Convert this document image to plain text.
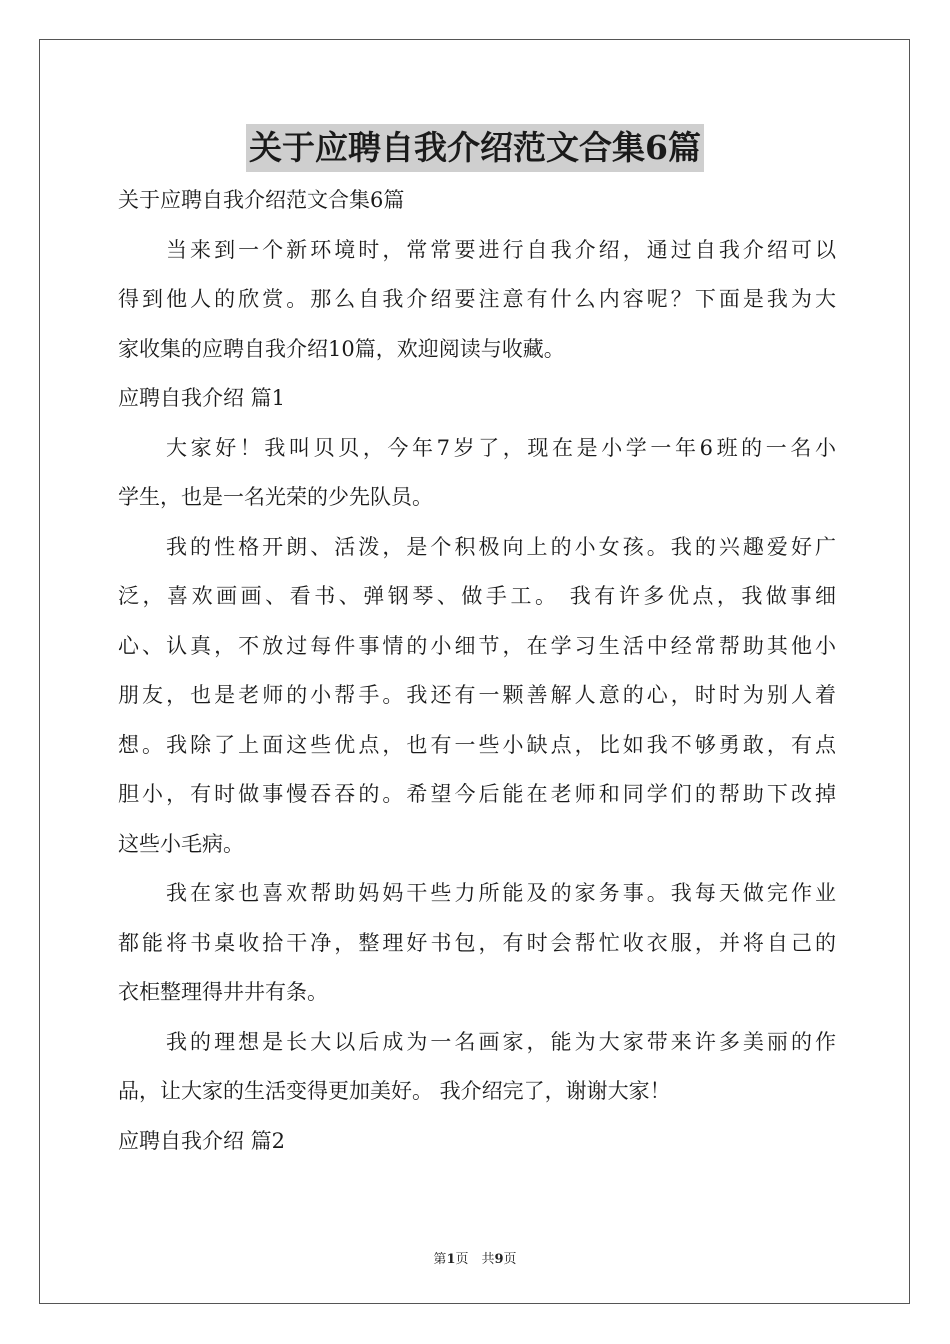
关于应聘自我介绍范文合集6篇
关于应聘自我介绍范文合集6篇
当来到一个新环境时，常常要进行自我介绍，通过自我介绍可以
得到他人的欣赏。那么自我介绍要注意有什么内容呢？下面是我为大
家收集的应聘自我介绍10篇，欢迎阅读与收藏。
应聘自我介绍 篇1
大家好！我叫贝贝，今年7岁了，现在是小学一年6班的一名小
学生，也是一名光荣的少先队员。
我的性格开朗、活泼，是个积极向上的小女孩。我的兴趣爱好广
泛，喜欢画画、看书、弹钢琴、做手工。 我有许多优点，我做事细
心、认真，不放过每件事情的小细节，在学习生活中经常帮助其他小
朋友，也是老师的小帮手。我还有一颗善解人意的心，时时为别人着
想。我除了上面这些优点，也有一些小缺点，比如我不够勇敢，有点
胆小，有时做事慢吞吞的。希望今后能在老师和同学们的帮助下改掉
这些小毛病。
我在家也喜欢帮助妈妈干些力所能及的家务事。我每天做完作业
都能将书桌收拾干净，整理好书包，有时会帮忙收衣服，并将自己的
衣柜整理得井井有条。
我的理想是长大以后成为一名画家，能为大家带来许多美丽的作
品，让大家的生活变得更加美好。 我介绍完了，谢谢大家！
应聘自我介绍 篇2
第1页　共9页
